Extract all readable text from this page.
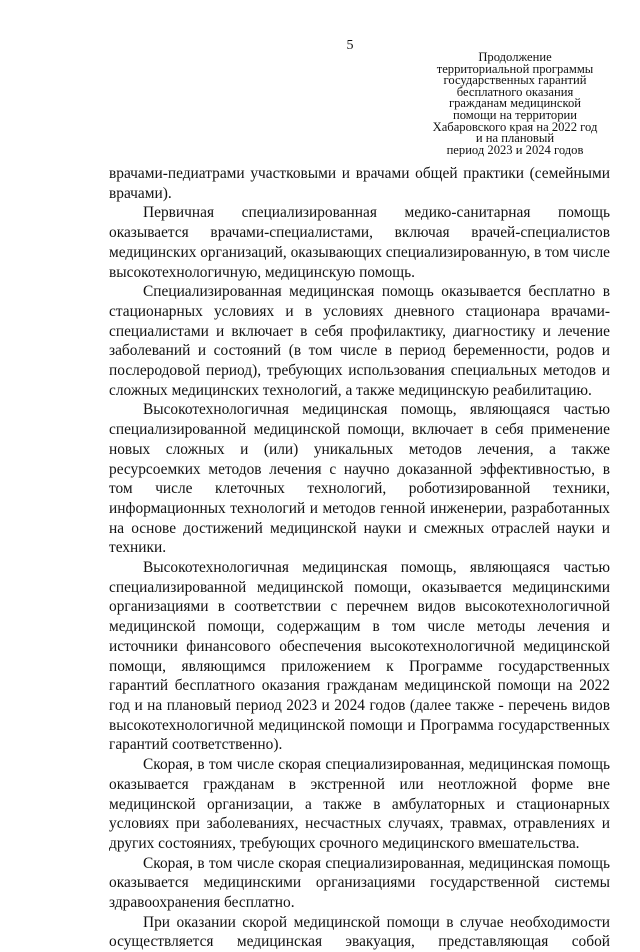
5
Продолжение
территориальной программы
государственных гарантий
бесплатного оказания
гражданам медицинской
помощи на территории
Хабаровского края на 2022 год
и на плановый
период 2023 и 2024 годов

врачами-педиатрами участковыми и врачами общей практики (семейными врачами).

Первичная специализированная медико-санитарная помощь оказывается врачами-специалистами, включая врачей-специалистов медицинских организаций, оказывающих специализированную, в том числе высокотехнологичную, медицинскую помощь.

Специализированная медицинская помощь оказывается бесплатно в стационарных условиях и в условиях дневного стационара врачами-специалистами и включает в себя профилактику, диагностику и лечение заболеваний и состояний (в том числе в период беременности, родов и послеродовой период), требующих использования специальных методов и сложных медицинских технологий, а также медицинскую реабилитацию.

Высокотехнологичная медицинская помощь, являющаяся частью специализированной медицинской помощи, включает в себя применение новых сложных и (или) уникальных методов лечения, а также ресурсоемких методов лечения с научно доказанной эффективностью, в том числе клеточных технологий, роботизированной техники, информационных технологий и методов генной инженерии, разработанных на основе достижений медицинской науки и смежных отраслей науки и техники.

Высокотехнологичная медицинская помощь, являющаяся частью специализированной медицинской помощи, оказывается медицинскими организациями в соответствии с перечнем видов высокотехнологичной медицинской помощи, содержащим в том числе методы лечения и источники финансового обеспечения высокотехнологичной медицинской помощи, являющимся приложением к Программе государственных гарантий бесплатного оказания гражданам медицинской помощи на 2022 год и на плановый период 2023 и 2024 годов (далее также - перечень видов высокотехнологичной медицинской помощи и Программа государственных гарантий соответственно).

Скорая, в том числе скорая специализированная, медицинская помощь оказывается гражданам в экстренной или неотложной форме вне медицинской организации, а также в амбулаторных и стационарных условиях при заболеваниях, несчастных случаях, травмах, отравлениях и других состояниях, требующих срочного медицинского вмешательства.

Скорая, в том числе скорая специализированная, медицинская помощь оказывается медицинскими организациями государственной системы здравоохранения бесплатно.

При оказании скорой медицинской помощи в случае необходимости осуществляется медицинская эвакуация, представляющая собой
